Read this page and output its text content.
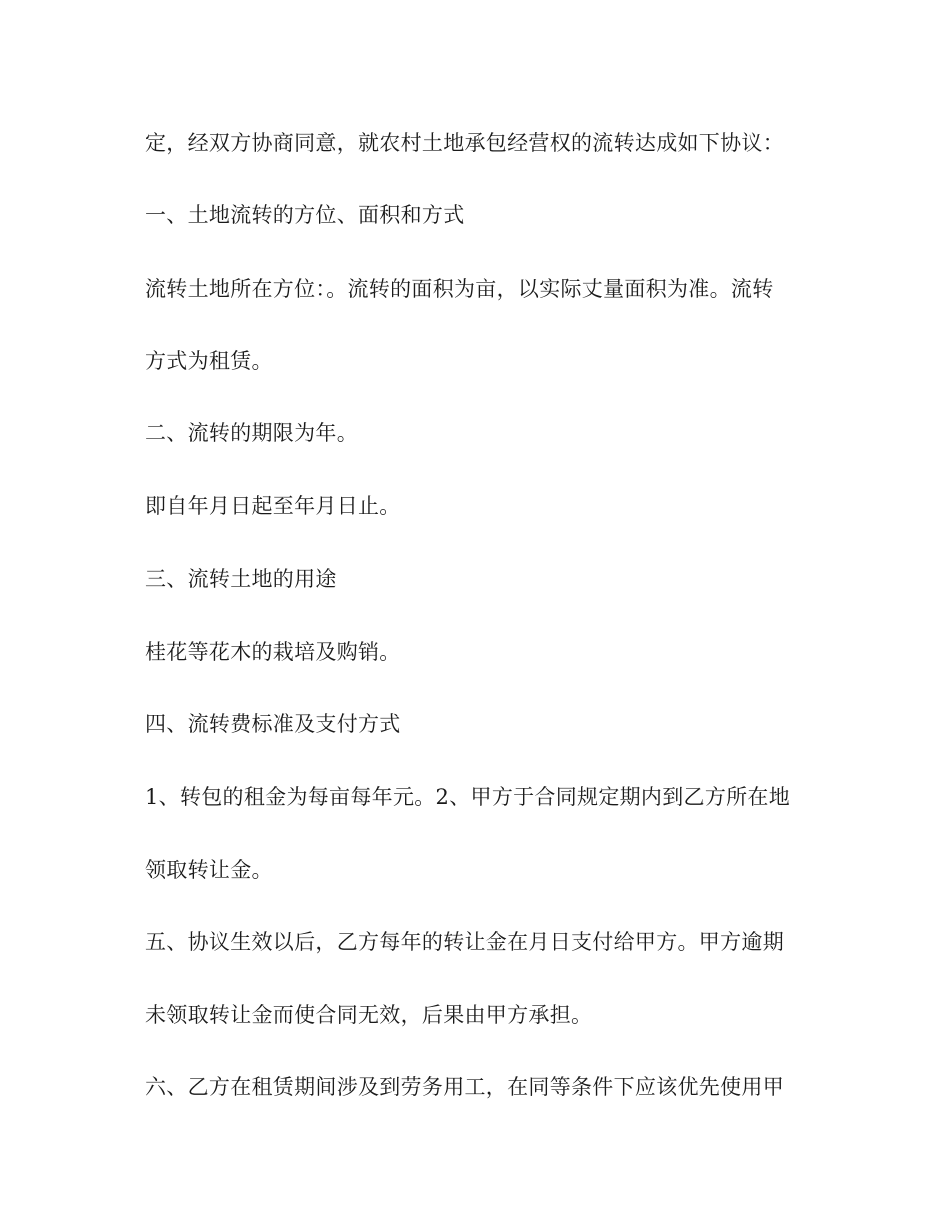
定，经双方协商同意，就农村土地承包经营权的流转达成如下协议：
一、土地流转的方位、面积和方式
流转土地所在方位：。流转的面积为亩，以实际丈量面积为准。流转
方式为租赁。
二、流转的期限为年。
即自年月日起至年月日止。
三、流转土地的用途
桂花等花木的栽培及购销。
四、流转费标准及支付方式
1、转包的租金为每亩每年元。2、甲方于合同规定期内到乙方所在地
领取转让金。
五、协议生效以后，乙方每年的转让金在月日支付给甲方。甲方逾期
未领取转让金而使合同无效，后果由甲方承担。
六、乙方在租赁期间涉及到劳务用工，在同等条件下应该优先使用甲
